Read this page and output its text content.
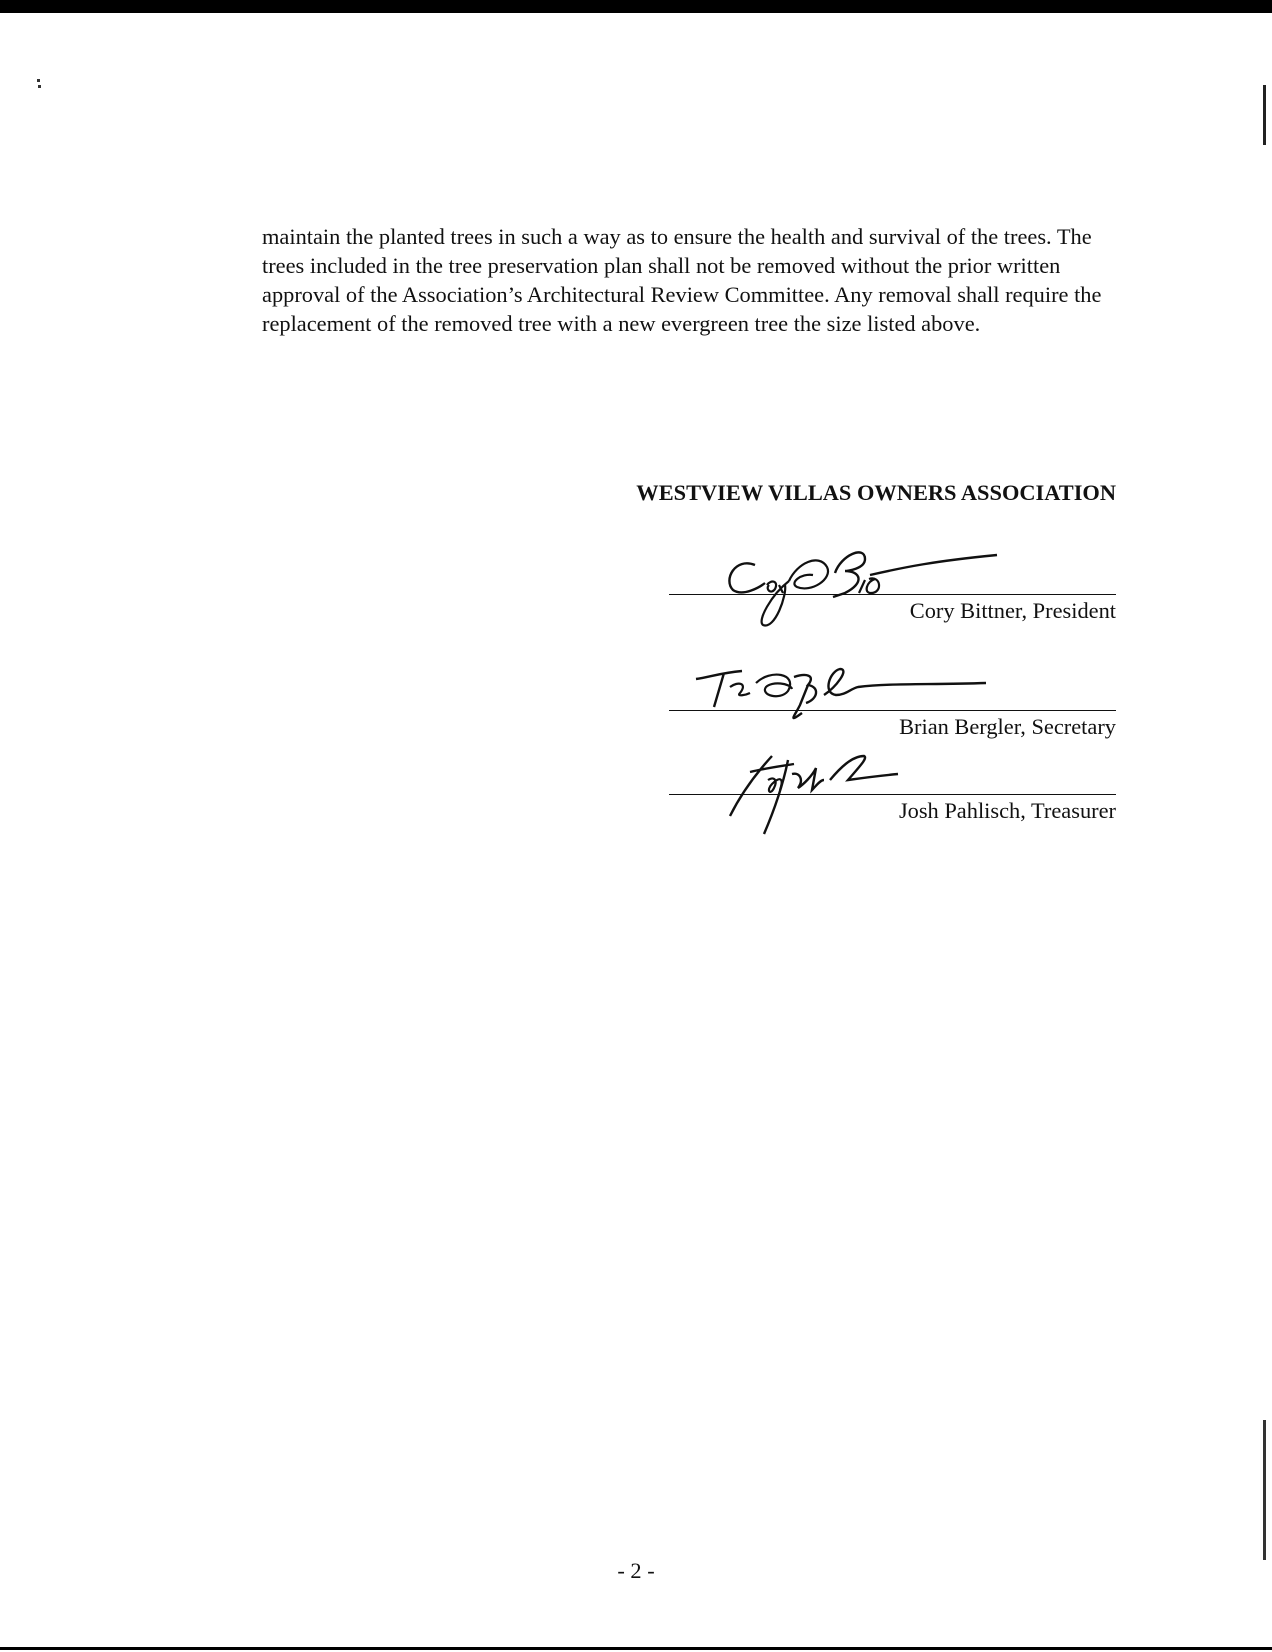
maintain the planted trees in such a way as to ensure the health and survival of the trees. The trees included in the tree preservation plan shall not be removed without the prior written approval of the Association’s Architectural Review Committee. Any removal shall require the replacement of the removed tree with a new evergreen tree the size listed above.

WESTVIEW VILLAS OWNERS ASSOCIATION

Cory Bittner, President

Brian Bergler, Secretary

Josh Pahlisch, Treasurer

- 2 -
